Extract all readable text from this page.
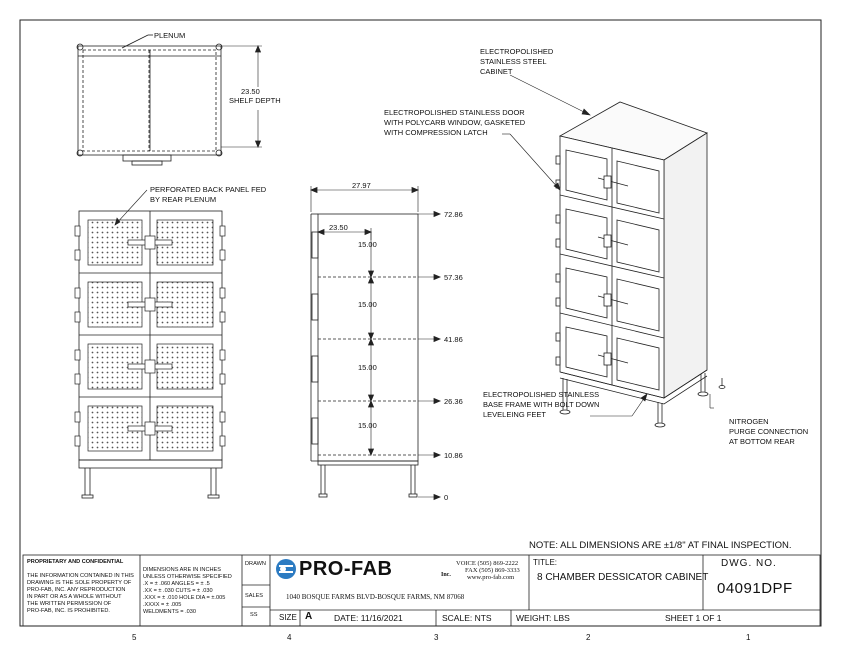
PLENUM
23.50
SHELF DEPTH
PERFORATED BACK PANEL FED
BY REAR PLENUM
27.97
23.50
15.00
15.00
15.00
15.00
72.86
57.36
41.86
26.36
10.86
0
ELECTROPOLISHED
STAINLESS STEEL
CABINET
ELECTROPOLISHED STAINLESS DOOR
WITH POLYCARB WINDOW, GASKETED
WITH COMPRESSION LATCH
ELECTROPOLISHED STAINLESS
BASE FRAME WITH BOLT DOWN
LEVELEING FEET
NITROGEN
PURGE CONNECTION
AT BOTTOM REAR
NOTE: ALL DIMENSIONS ARE ±1/8" AT FINAL INSPECTION.
PROPRIETARY AND CONFIDENTIAL
THE INFORMATION CONTAINED IN THIS
DRAWING IS THE SOLE PROPERTY OF
PRO-FAB, INC. ANY REPRODUCTION
IN PART OR AS A WHOLE WITHOUT
THE WRITTEN PERMISSION OF
PRO-FAB, INC. IS PROHIBITED.
DIMENSIONS ARE IN INCHES
UNLESS OTHERWISE SPECIFIED
.X = ± .060 ANGLES = ± .5
.XX = ± .030 CUTS = ± .030
.XXX = ± .010 HOLE DIA = ±.005
.XXXX = ± .005
WELDMENTS = .030
DRAWN
SALES
SS
PRO-FAB	Inc.
VOICE (505) 869-2222
FAX (505) 869-3333
www.pro-fab.com
1040 BOSQUE FARMS BLVD-BOSQUE FARMS, NM 87068
TITLE:
8 CHAMBER DESSICATOR CABINET
DWG. NO.
04091DPF
SIZE A	DATE: 11/16/2021	SCALE: NTS	WEIGHT: LBS	SHEET 1 OF 1
5	4	3	2	1
